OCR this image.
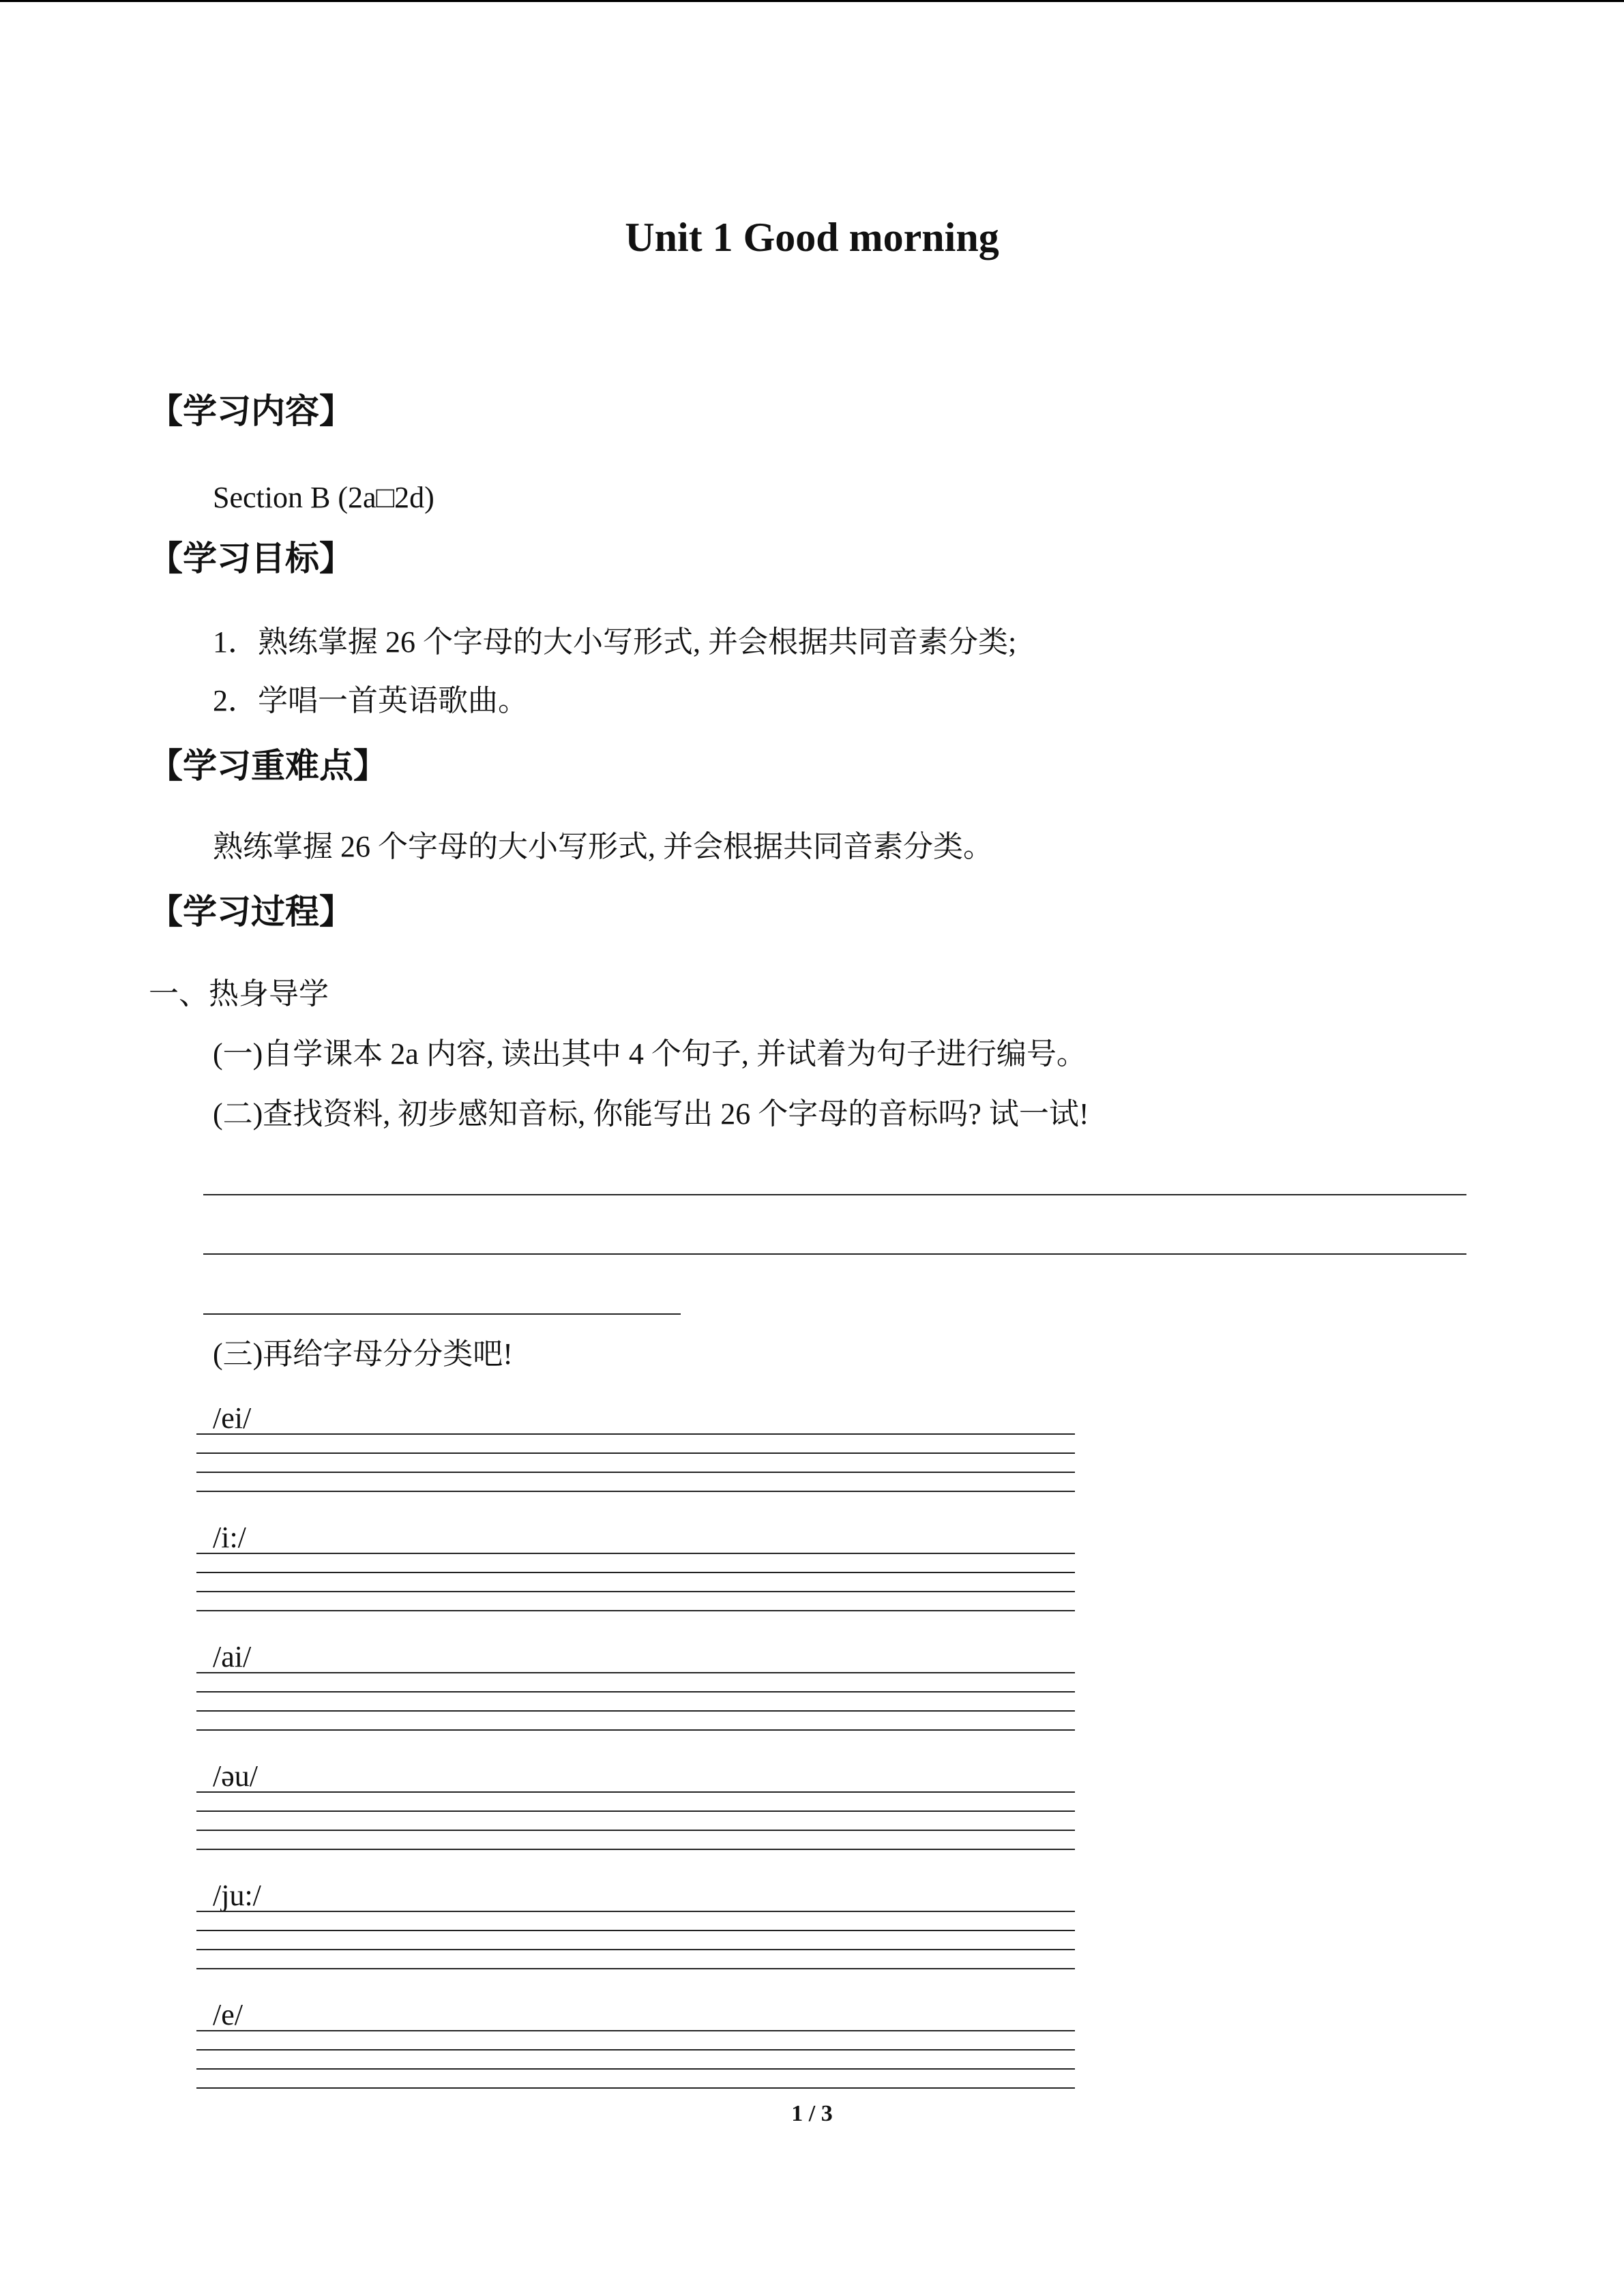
Unit 1 Good morning
【学习内容】
Section B (2a□2d)
【学习目标】
1．熟练掌握 26 个字母的大小写形式, 并会根据共同音素分类;
2．学唱一首英语歌曲。
【学习重难点】
熟练掌握 26 个字母的大小写形式, 并会根据共同音素分类。
【学习过程】
一、热身导学
(一)自学课本 2a 内容, 读出其中 4 个句子, 并试着为句子进行编号。
(二)查找资料, 初步感知音标, 你能写出 26 个字母的音标吗? 试一试!
(三)再给字母分分类吧!
/ei/
/i:/
/ai/
/əu/
/ju:/
/e/
1 / 3
